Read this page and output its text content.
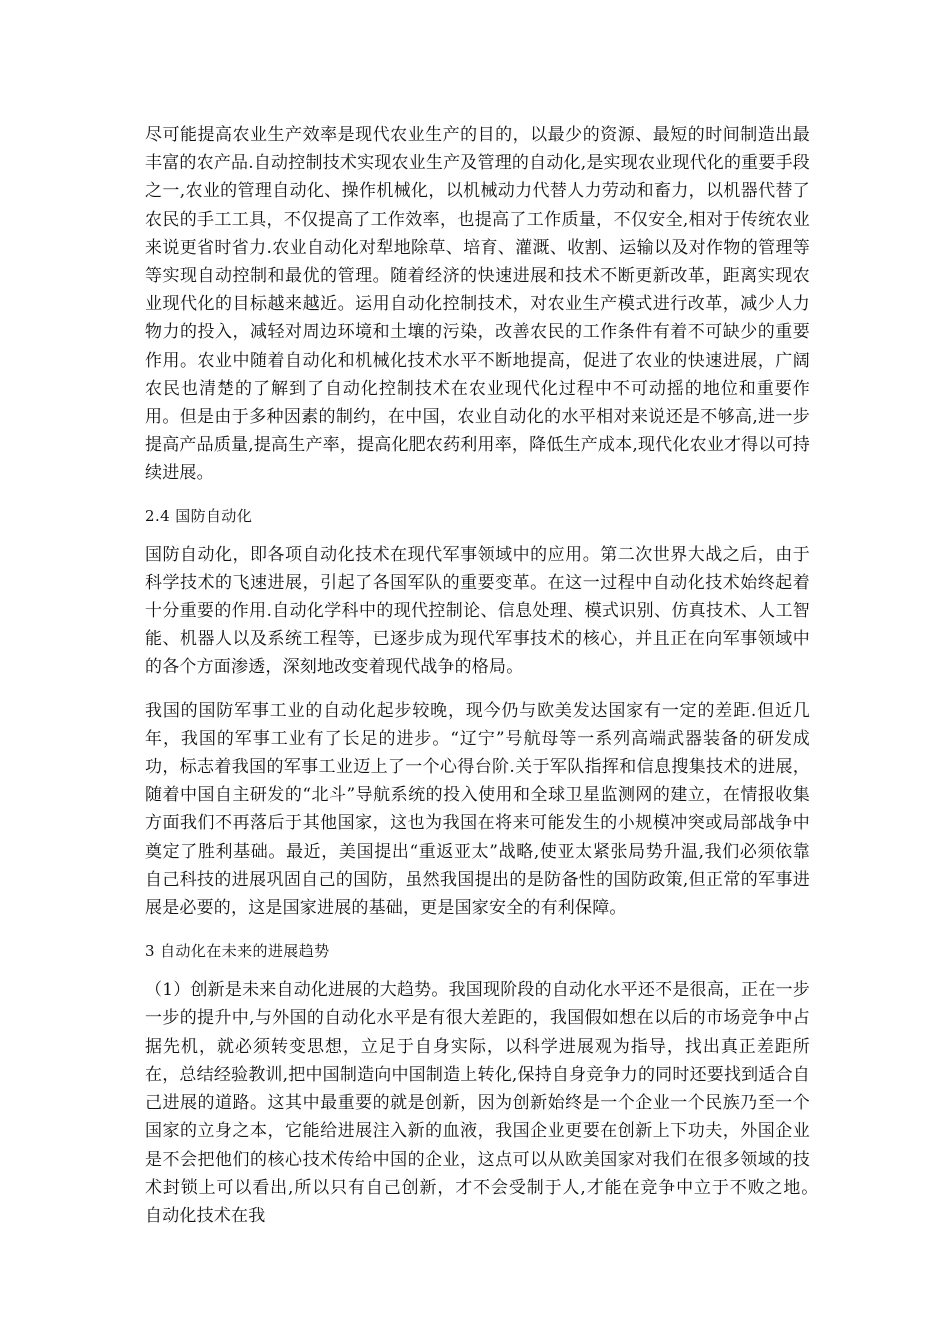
尽可能提高农业生产效率是现代农业生产的目的，以最少的资源、最短的时间制造出最丰富的农产品.自动控制技术实现农业生产及管理的自动化,是实现农业现代化的重要手段之一,农业的管理自动化、操作机械化，以机械动力代替人力劳动和畜力，以机器代替了农民的手工工具，不仅提高了工作效率，也提高了工作质量，不仅安全,相对于传统农业来说更省时省力.农业自动化对犁地除草、培育、灌溉、收割、运输以及对作物的管理等等实现自动控制和最优的管理。随着经济的快速进展和技术不断更新改革，距离实现农业现代化的目标越来越近。运用自动化控制技术，对农业生产模式进行改革，减少人力物力的投入，减轻对周边环境和土壤的污染，改善农民的工作条件有着不可缺少的重要作用。农业中随着自动化和机械化技术水平不断地提高，促进了农业的快速进展，广阔农民也清楚的了解到了自动化控制技术在农业现代化过程中不可动摇的地位和重要作用。但是由于多种因素的制约，在中国，农业自动化的水平相对来说还是不够高,进一步提高产品质量,提高生产率，提高化肥农药利用率，降低生产成本,现代化农业才得以可持续进展。

2.4 国防自动化

国防自动化，即各项自动化技术在现代军事领域中的应用。第二次世界大战之后，由于科学技术的飞速进展，引起了各国军队的重要变革。在这一过程中自动化技术始终起着十分重要的作用.自动化学科中的现代控制论、信息处理、模式识别、仿真技术、人工智能、机器人以及系统工程等，已逐步成为现代军事技术的核心，并且正在向军事领域中的各个方面渗透，深刻地改变着现代战争的格局。

我国的国防军事工业的自动化起步较晚，现今仍与欧美发达国家有一定的差距.但近几年，我国的军事工业有了长足的进步。“辽宁”号航母等一系列高端武器装备的研发成功，标志着我国的军事工业迈上了一个心得台阶.关于军队指挥和信息搜集技术的进展，随着中国自主研发的“北斗”导航系统的投入使用和全球卫星监测网的建立，在情报收集方面我们不再落后于其他国家，这也为我国在将来可能发生的小规模冲突或局部战争中奠定了胜利基础。最近，美国提出“重返亚太”战略,使亚太紧张局势升温,我们必须依靠自己科技的进展巩固自己的国防，虽然我国提出的是防备性的国防政策,但正常的军事进展是必要的，这是国家进展的基础，更是国家安全的有利保障。

3 自动化在未来的进展趋势

（1）创新是未来自动化进展的大趋势。我国现阶段的自动化水平还不是很高，正在一步一步的提升中,与外国的自动化水平是有很大差距的，我国假如想在以后的市场竞争中占据先机，就必须转变思想，立足于自身实际，以科学进展观为指导，找出真正差距所在，总结经验教训,把中国制造向中国制造上转化,保持自身竞争力的同时还要找到适合自己进展的道路。这其中最重要的就是创新，因为创新始终是一个企业一个民族乃至一个国家的立身之本，它能给进展注入新的血液，我国企业更要在创新上下功夫，外国企业是不会把他们的核心技术传给中国的企业，这点可以从欧美国家对我们在很多领域的技术封锁上可以看出,所以只有自己创新，才不会受制于人,才能在竞争中立于不败之地。　自动化技术在我
